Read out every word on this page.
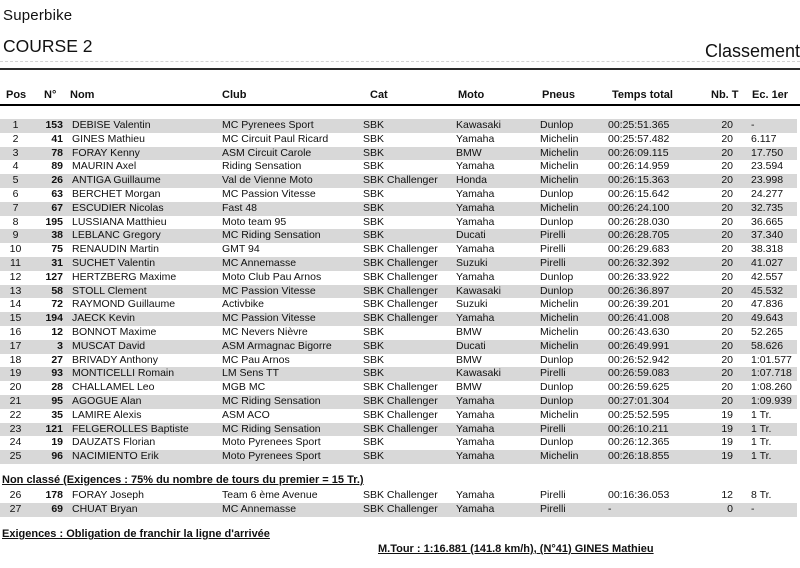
Superbike
COURSE 2	Classement
Pos N° Nom	Club	Cat	Moto	Pneus	Temps total	Nb. T Ec. 1er
1	153 DEBISE Valentin	MC Pyrenees Sport	SBK	Kawasaki	Dunlop	00:25:51.365	20 -
2	41 GINES Mathieu	MC Circuit Paul Ricard	SBK	Yamaha	Michelin	00:25:57.482	20 6.117
3	78 FORAY Kenny	ASM Circuit Carole	SBK	BMW	Michelin	00:26:09.115	20 17.750
4	89 MAURIN Axel	Riding Sensation	SBK	Yamaha	Michelin	00:26:14.959	20 23.594
5	26 ANTIGA Guillaume	Val de Vienne Moto	SBK Challenger	Honda	Michelin	00:26:15.363	20 23.998
6	63 BERCHET Morgan	MC Passion Vitesse	SBK	Yamaha	Dunlop	00:26:15.642	20 24.277
7	67 ESCUDIER Nicolas	Fast 48	SBK	Yamaha	Michelin	00:26:24.100	20 32.735
8	195 LUSSIANA Matthieu	Moto team 95	SBK	Yamaha	Dunlop	00:26:28.030	20 36.665
9	38 LEBLANC Gregory	MC Riding Sensation	SBK	Ducati	Pirelli	00:26:28.705	20 37.340
10	75 RENAUDIN Martin	GMT 94	SBK Challenger	Yamaha	Pirelli	00:26:29.683	20 38.318
11	31 SUCHET Valentin	MC Annemasse	SBK Challenger	Suzuki	Pirelli	00:26:32.392	20 41.027
12	127 HERTZBERG Maxime	Moto Club Pau Arnos	SBK Challenger	Yamaha	Dunlop	00:26:33.922	20 42.557
13	58 STOLL Clement	MC Passion Vitesse	SBK Challenger	Kawasaki	Dunlop	00:26:36.897	20 45.532
14	72 RAYMOND Guillaume	Activbike	SBK Challenger	Suzuki	Michelin	00:26:39.201	20 47.836
15	194 JAECK Kevin	MC Passion Vitesse	SBK Challenger	Yamaha	Michelin	00:26:41.008	20 49.643
16	12 BONNOT Maxime	MC Nevers Nièvre	SBK	BMW	Michelin	00:26:43.630	20 52.265
17	3 MUSCAT David	ASM Armagnac Bigorre	SBK	Ducati	Michelin	00:26:49.991	20 58.626
18	27 BRIVADY Anthony	MC Pau Arnos	SBK	BMW	Dunlop	00:26:52.942	20 1:01.577
19	93 MONTICELLI Romain	LM Sens TT	SBK	Kawasaki	Pirelli	00:26:59.083	20 1:07.718
20	28 CHALLAMEL Leo	MGB MC	SBK Challenger	BMW	Dunlop	00:26:59.625	20 1:08.260
21	95 AGOGUE Alan	MC Riding Sensation	SBK Challenger	Yamaha	Dunlop	00:27:01.304	20 1:09.939
22	35 LAMIRE Alexis	ASM ACO	SBK Challenger	Yamaha	Michelin	00:25:52.595	19 1 Tr.
23	121 FELGEROLLES Baptiste	MC Riding Sensation	SBK Challenger	Yamaha	Pirelli	00:26:10.211	19 1 Tr.
24	19 DAUZATS Florian	Moto Pyrenees Sport	SBK	Yamaha	Dunlop	00:26:12.365	19 1 Tr.
25	96 NACIMIENTO Erik	Moto Pyrenees Sport	SBK	Yamaha	Michelin	00:26:18.855	19 1 Tr.
Non classé (Exigences : 75% du nombre de tours du premier = 15 Tr.)
26	178 FORAY Joseph	Team 6 ème Avenue	SBK Challenger	Yamaha	Pirelli	00:16:36.053	12 8 Tr.
27	69 CHUAT Bryan	MC Annemasse	SBK Challenger	Yamaha	Pirelli	-	0 -
Exigences : Obligation de franchir la ligne d'arrivée
M.Tour : 1:16.881 (141.8 km/h), (N°41) GINES Mathieu
